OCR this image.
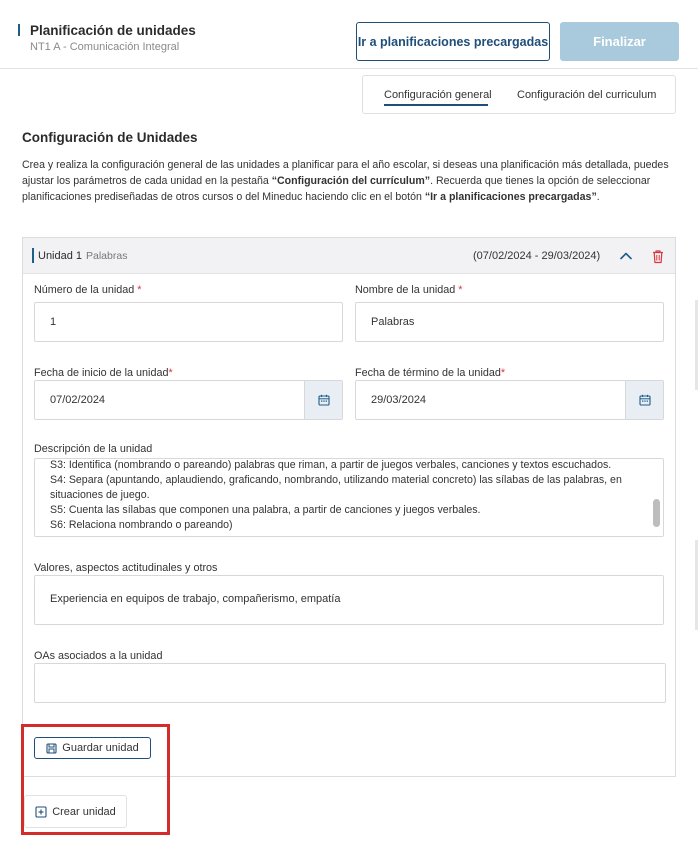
Planificación de unidades
NT1 A - Comunicación Integral	Ir a planificaciones precargadas	Finalizar
Configuración general Configuración del curriculum
Configuración de Unidades
Crea y realiza la configuración general de las unidades a planificar para el año escolar, si deseas una planificación más detallada, puedes ajustar los parámetros de cada unidad en la pestaña “Configuración del currículum”. Recuerda que tienes la opción de seleccionar planificaciones prediseñadas de otros cursos o del Mineduc haciendo clic en el botón “Ir a planificaciones precargadas”.
Unidad 1 Palabras	(07/02/2024 - 29/03/2024)
Número de la unidad *	Nombre de la unidad *
1	Palabras
Fecha de inicio de la unidad*	Fecha de término de la unidad*
07/02/2024	29/03/2024
Descripción de la unidad

S3: Identifica (nombrando o pareando) palabras que riman, a partir de juegos verbales, canciones y textos escuchados.

S4: Separa (apuntando, aplaudiendo, graficando, nombrando, utilizando material concreto) las sílabas de las palabras, en situaciones de juego.

S5: Cuenta las sílabas que componen una palabra, a partir de canciones y juegos verbales.

S6: Relaciona nombrando o pareando)

Valores, aspectos actitudinales y otros
Experiencia en equipos de trabajo, compañerismo, empatía
OAs asociados a la unidad
Guardar unidad
Crear unidad
